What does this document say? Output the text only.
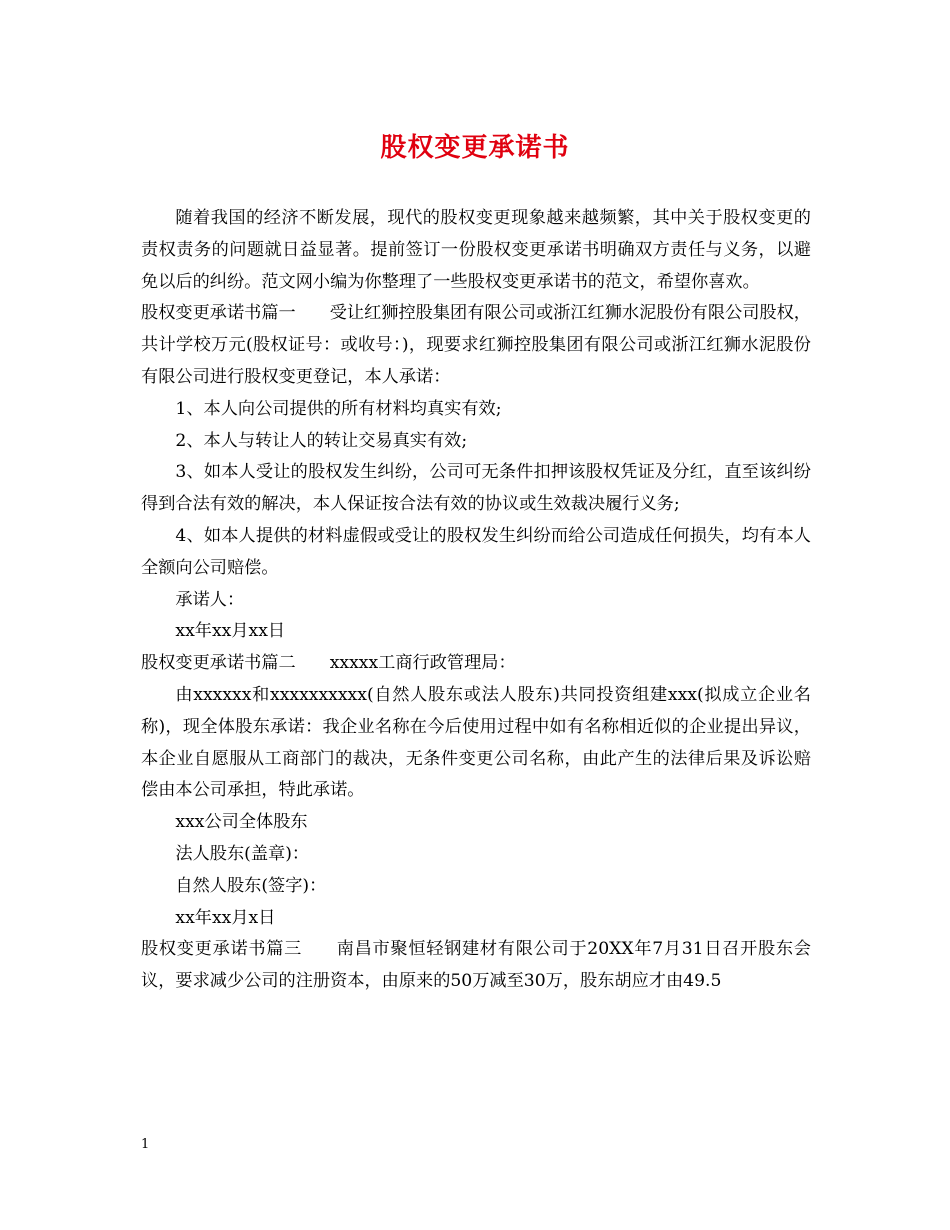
股权变更承诺书

随着我国的经济不断发展，现代的股权变更现象越来越频繁，其中关于股权变更的责权责务的问题就日益显著。提前签订一份股权变更承诺书明确双方责任与义务，以避免以后的纠纷。范文网小编为你整理了一些股权变更承诺书的范文，希望你喜欢。

股权变更承诺书篇一 受让红狮控股集团有限公司或浙江红狮水泥股份有限公司股权，共计学校万元(股权证号：或收号：)，现要求红狮控股集团有限公司或浙江红狮水泥股份有限公司进行股权变更登记，本人承诺：

1、本人向公司提供的所有材料均真实有效;

2、本人与转让人的转让交易真实有效;

3、如本人受让的股权发生纠纷，公司可无条件扣押该股权凭证及分红，直至该纠纷得到合法有效的解决，本人保证按合法有效的协议或生效裁决履行义务;

4、如本人提供的材料虚假或受让的股权发生纠纷而给公司造成任何损失，均有本人全额向公司赔偿。

承诺人：

xx年xx月xx日

股权变更承诺书篇二 xxxxx工商行政管理局：

由xxxxxx和xxxxxxxxxx(自然人股东或法人股东)共同投资组建xxx(拟成立企业名称)，现全体股东承诺：我企业名称在今后使用过程中如有名称相近似的企业提出异议，本企业自愿服从工商部门的裁决，无条件变更公司名称，由此产生的法律后果及诉讼赔偿由本公司承担，特此承诺。

xxx公司全体股东

法人股东(盖章)：

自然人股东(签字)：

xx年xx月x日

股权变更承诺书篇三 南昌市聚恒轻钢建材有限公司于20XX年7月31日召开股东会议，要求减少公司的注册资本，由原来的50万减至30万，股东胡应才由49.5

1
